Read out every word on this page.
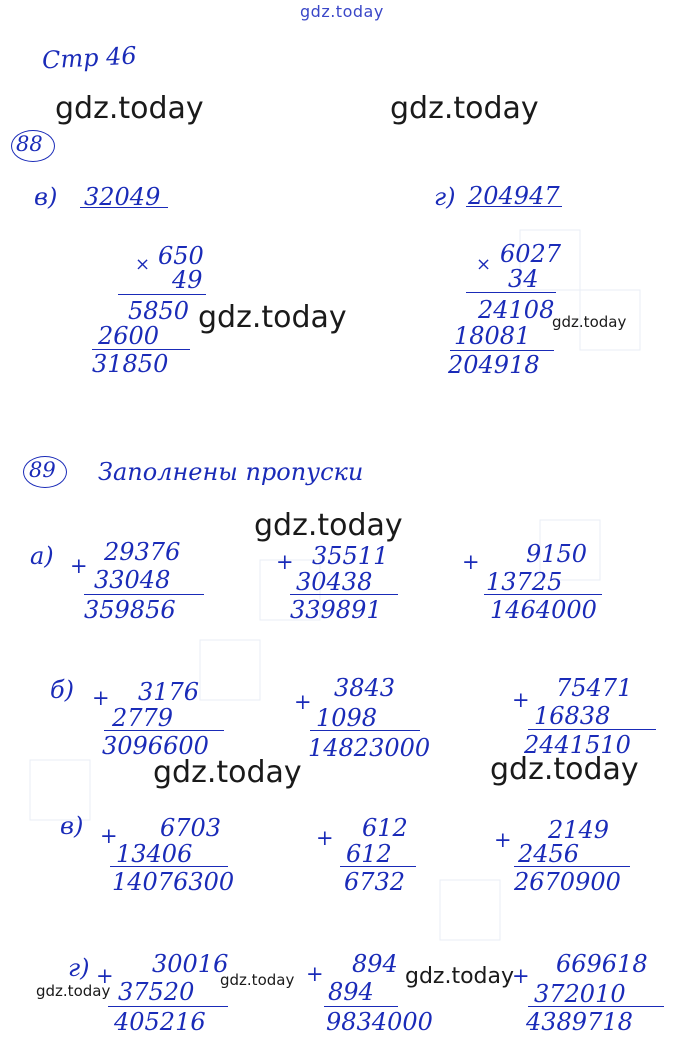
gdz.today
gdz.today	gdz.today
gdz.today	gdz.today
gdz.today
gdz.today	gdz.today
gdz.today
gdz.today	gdz.today
Стр 46
88
в) 32049
× 650
49
5850
2600
31850
г) 204947
× 6027
34
24108
18081
204918
89 Заполнены пропуски
а) + 29376
33048
359856
+ 35511
30438
339891
+ 9150
13725
1464000
б) + 3176
2779
3096600
+ 3843
1098
14823000
+ 75471
16838
2441510
в) + 6703
13406
14076300
+ 612
612
6732
+ 2149
2456
2670900
г) + 30016
37520
405216
+ 894
894
9834000
+ 669618
372010
4389718
